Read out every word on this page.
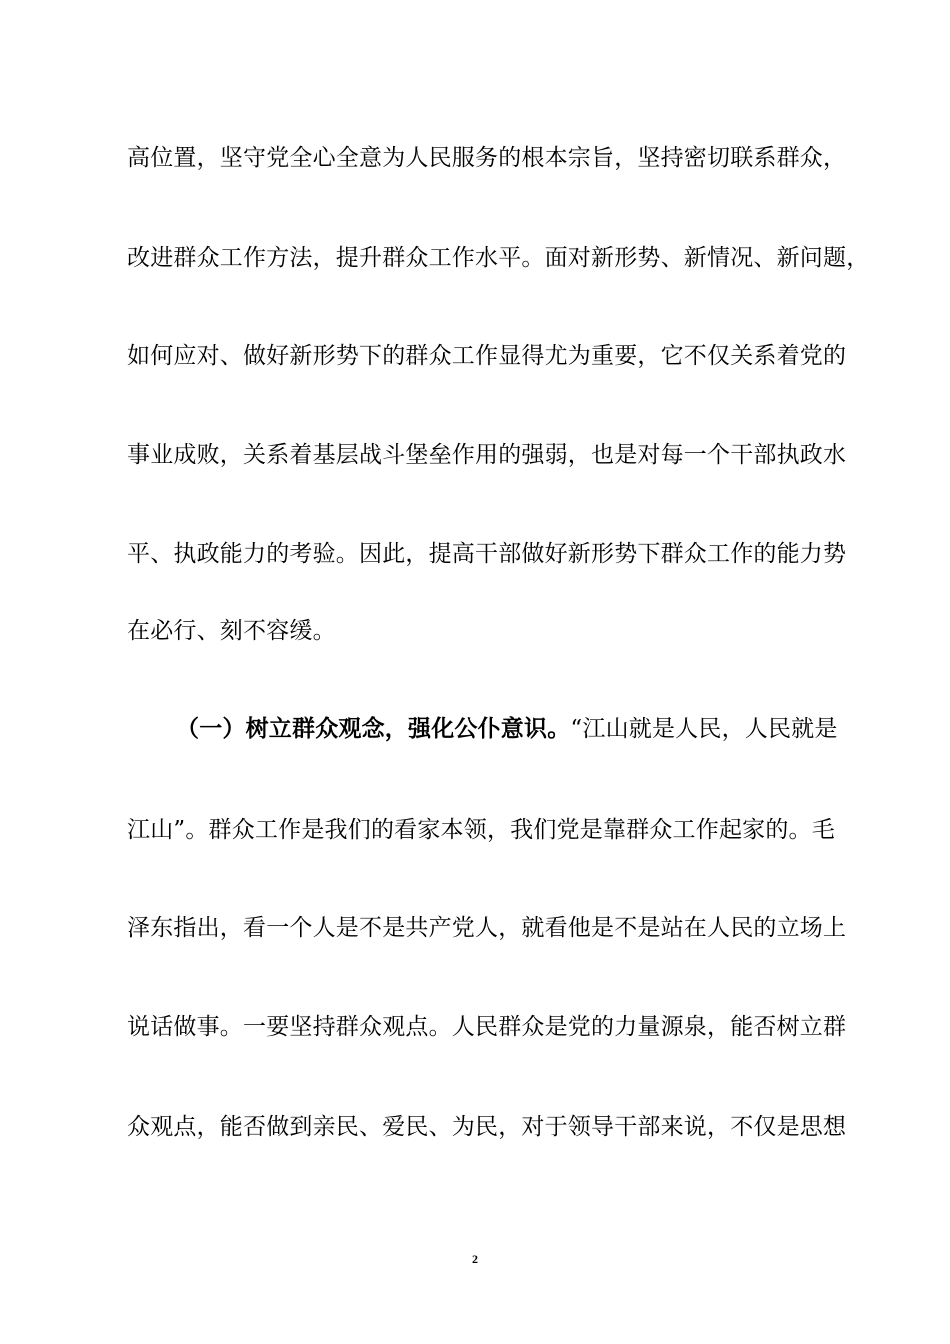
高位置，坚守党全心全意为人民服务的根本宗旨，坚持密切联系群众，
改进群众工作方法，提升群众工作水平。面对新形势、新情况、新问题，
如何应对、做好新形势下的群众工作显得尤为重要，它不仅关系着党的
事业成败，关系着基层战斗堡垒作用的强弱，也是对每一个干部执政水
平、执政能力的考验。因此，提高干部做好新形势下群众工作的能力势
在必行、刻不容缓。
（一）树立群众观念，强化公仆意识。“江山就是人民，人民就是
江山”。群众工作是我们的看家本领，我们党是靠群众工作起家的。毛
泽东指出，看一个人是不是共产党人，就看他是不是站在人民的立场上
说话做事。一要坚持群众观点。人民群众是党的力量源泉，能否树立群
众观点，能否做到亲民、爱民、为民，对于领导干部来说，不仅是思想
2
